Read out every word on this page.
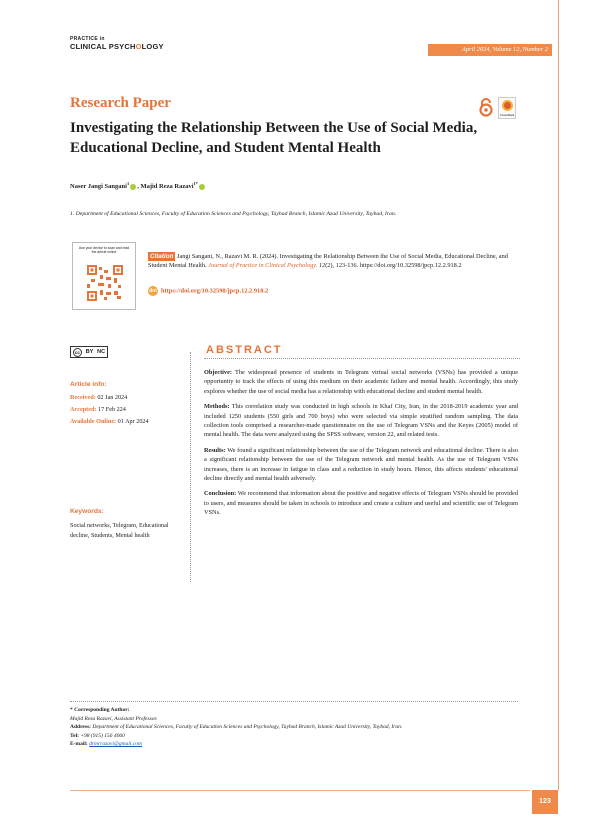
PRACTICE in
CLINICAL PSYCHOLOGY	April 2024, Volume 12, Number 2
Research Paper
Investigating the Relationship Between the Use of Social Media, Educational Decline, and Student Mental Health
CrossMark
Naser Jangi Sangani$^1$ , Majid Reza Razavi$^{1*}$
1. Department of Educational Sciences, Faculty of Education Sciences and Psychology, Taybad Branch, Islamic Azad University, Taybad, Iran.
Use your device to scan and read the article online
Citation Jangi Sangani, N., Razavi M. R. (2024). Investigating the Relationship Between the Use of Social Media, Educational Decline, and Student Mental Health. Journal of Practice in Clinical Psychology. 12(2), 123-136. https://doi.org/10.32598/jpcp.12.2.918.2
doi https://doi.org/10.32598/jpcp.12.2.918.2
cc	BY NC
Article info:
Received: 02 Jan 2024
Accepted: 17 Feb 224
Available Online: 01 Apr 2024
Keywords:
Social networks, Telegram, Educational decline, Students, Mental health
ABSTRACT

Objective: The widespread presence of students in Telegram virtual social networks (VSNs) has provided a unique opportunity to track the effects of using this medium on their academic failure and mental health. Accordingly, this study explores whether the use of social media has a relationship with educational decline and student mental health.

Methods: This correlation study was conducted in high schools in Khaf City, Iran, in the 2018-2019 academic year and included 1250 students (550 girls and 700 boys) who were selected via simple stratified random sampling. The data collection tools comprised a researcher-made questionnaire on the use of Telegram VSNs and the Keyes (2005) model of mental health. The data were analyzed using the SPSS software, version 22, and related tests.

Results: We found a significant relationship between the use of the Telegram network and educational decline. There is also a significant relationship between the use of the Telegram network and mental health. As the use of Telegram VSNs increases, there is an increase in fatigue in class and a reduction in study hours. Hence, this affects students' educational decline directly and mental health adversely.

Conclusion: We recommend that information about the positive and negative effects of Telegram VSNs should be provided to users, and measures should be taken in schools to introduce and create a culture and useful and scientific use of Telegram VSNs.

* Corresponding Author:
Majid Reza Razavi, Assistant Professor.
Address: Department of Educational Sciences, Faculty of Education Sciences and Psychology, Taybad Branch, Islamic Azad University, Taybad, Iran.
Tel: +98 (915) 156 4060
E-mail: drmrrazavi@gmail.com
123
